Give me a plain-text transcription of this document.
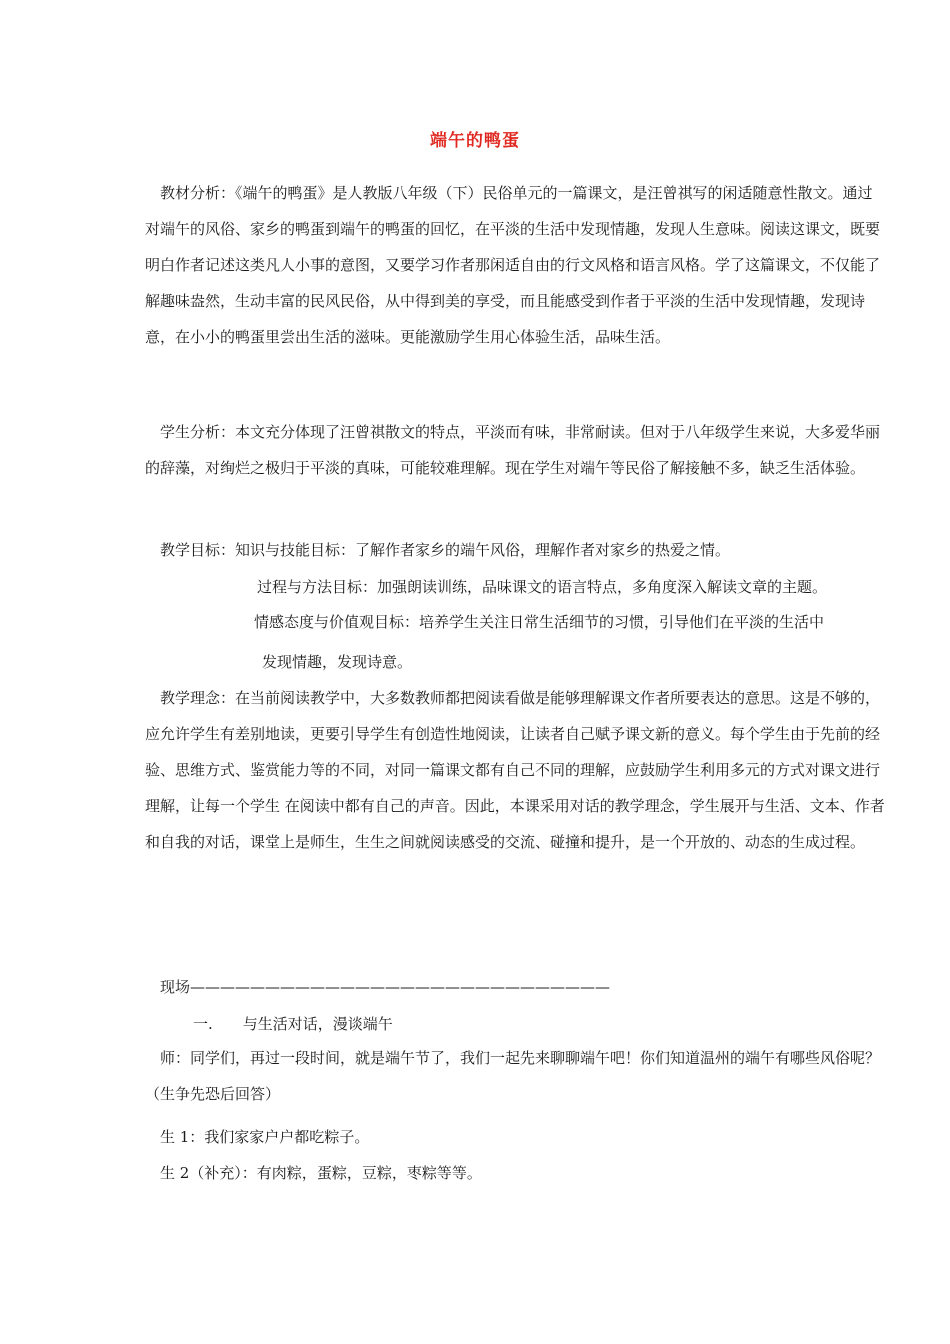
端午的鸭蛋

教材分析：《端午的鸭蛋》是人教版八年级（下）民俗单元的一篇课文，是汪曾祺写的闲适随意性散文。通过对端午的风俗、家乡的鸭蛋到端午的鸭蛋的回忆，在平淡的生活中发现情趣，发现人生意味。阅读这课文，既要明白作者记述这类凡人小事的意图，又要学习作者那闲适自由的行文风格和语言风格。学了这篇课文，不仅能了解趣味盎然，生动丰富的民风民俗，从中得到美的享受，而且能感受到作者于平淡的生活中发现情趣，发现诗意，在小小的鸭蛋里尝出生活的滋味。更能激励学生用心体验生活，品味生活。

学生分析：本文充分体现了汪曾祺散文的特点，平淡而有味，非常耐读。但对于八年级学生来说，大多爱华丽的辞藻，对绚烂之极归于平淡的真味，可能较难理解。现在学生对端午等民俗了解接触不多，缺乏生活体验。

教学目标：知识与技能目标：了解作者家乡的端午风俗，理解作者对家乡的热爱之情。

过程与方法目标：加强朗读训练，品味课文的语言特点，多角度深入解读文章的主题。

情感态度与价值观目标：培养学生关注日常生活细节的习惯，引导他们在平淡的生活中

发现情趣，发现诗意。

教学理念：在当前阅读教学中，大多数教师都把阅读看做是能够理解课文作者所要表达的意思。这是不够的，应允许学生有差别地读，更要引导学生有创造性地阅读，让读者自己赋予课文新的意义。每个学生由于先前的经验、思维方式、鉴赏能力等的不同，对同一篇课文都有自己不同的理解，应鼓励学生利用多元的方式对课文进行理解，让每一个学生 在阅读中都有自己的声音。因此，本课采用对话的教学理念，学生展开与生活、文本、作者和自我的对话，课堂上是师生，生生之间就阅读感受的交流、碰撞和提升，是一个开放的、动态的生成过程。

现场————————————————————————————

一.　　与生活对话，漫谈端午

师：同学们，再过一段时间，就是端午节了，我们一起先来聊聊端午吧！你们知道温州的端午有哪些风俗呢？（生争先恐后回答）

生 1：我们家家户户都吃粽子。

生 2（补充）：有肉粽，蛋粽，豆粽，枣粽等等。
